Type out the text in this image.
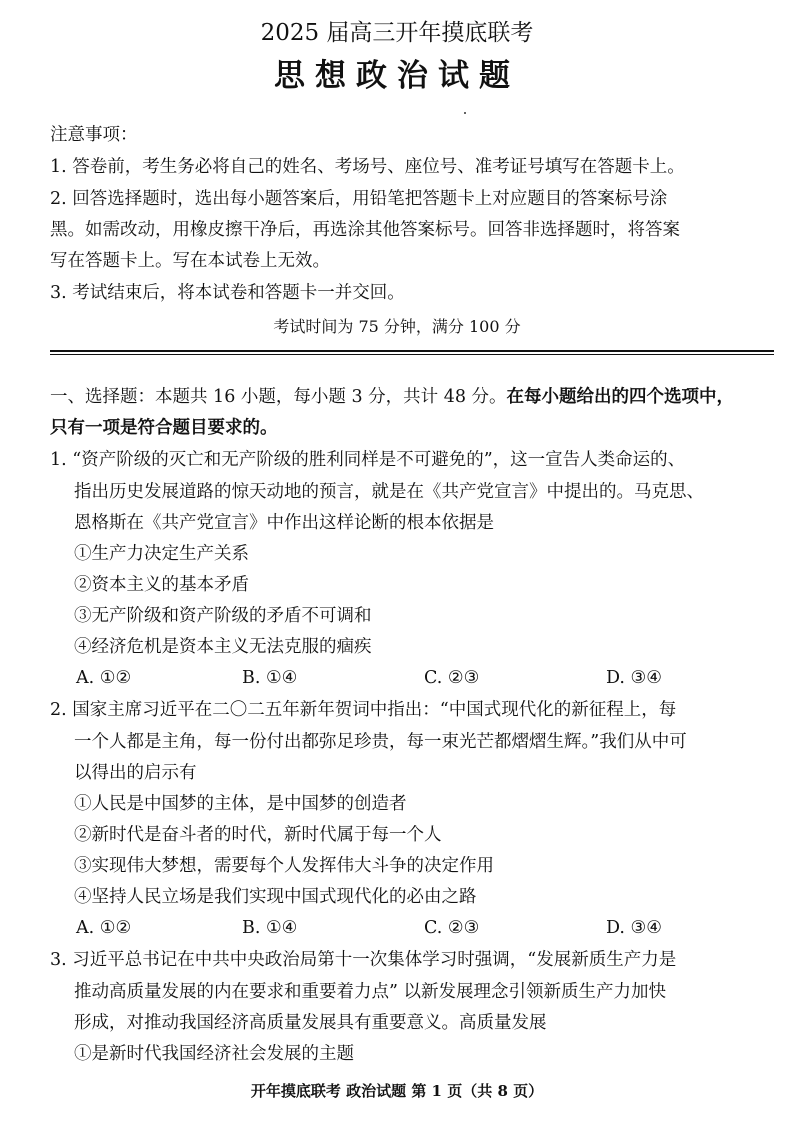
2025 届高三开年摸底联考
思想政治试题
注意事项：
1. 答卷前，考生务必将自己的姓名、考场号、座位号、准考证号填写在答题卡上。
2. 回答选择题时，选出每小题答案后，用铅笔把答题卡上对应题目的答案标号涂
黑。如需改动，用橡皮擦干净后，再选涂其他答案标号。回答非选择题时，将答案
写在答题卡上。写在本试卷上无效。
3. 考试结束后，将本试卷和答题卡一并交回。
考试时间为 75 分钟，满分 100 分
一、选择题：本题共 16 小题，每小题 3 分，共计 48 分。在每小题给出的四个选项中，
只有一项是符合题目要求的。
1. “资产阶级的灭亡和无产阶级的胜利同样是不可避免的”，这一宣告人类命运的、
指出历史发展道路的惊天动地的预言，就是在《共产党宣言》中提出的。马克思、
恩格斯在《共产党宣言》中作出这样论断的根本依据是
①生产力决定生产关系
②资本主义的基本矛盾
③无产阶级和资产阶级的矛盾不可调和
④经济危机是资本主义无法克服的痼疾
A. ①②	B. ①④	C. ②③	D. ③④
2. 国家主席习近平在二〇二五年新年贺词中指出：“中国式现代化的新征程上，每
一个人都是主角，每一份付出都弥足珍贵，每一束光芒都熠熠生辉。”我们从中可
以得出的启示有
①人民是中国梦的主体，是中国梦的创造者
②新时代是奋斗者的时代，新时代属于每一个人
③实现伟大梦想，需要每个人发挥伟大斗争的决定作用
④坚持人民立场是我们实现中国式现代化的必由之路
A. ①②	B. ①④	C. ②③	D. ③④
3. 习近平总书记在中共中央政治局第十一次集体学习时强调，“发展新质生产力是
推动高质量发展的内在要求和重要着力点” 以新发展理念引领新质生产力加快
形成，对推动我国经济高质量发展具有重要意义。高质量发展
①是新时代我国经济社会发展的主题
开年摸底联考 政治试题 第 1 页（共 8 页）
